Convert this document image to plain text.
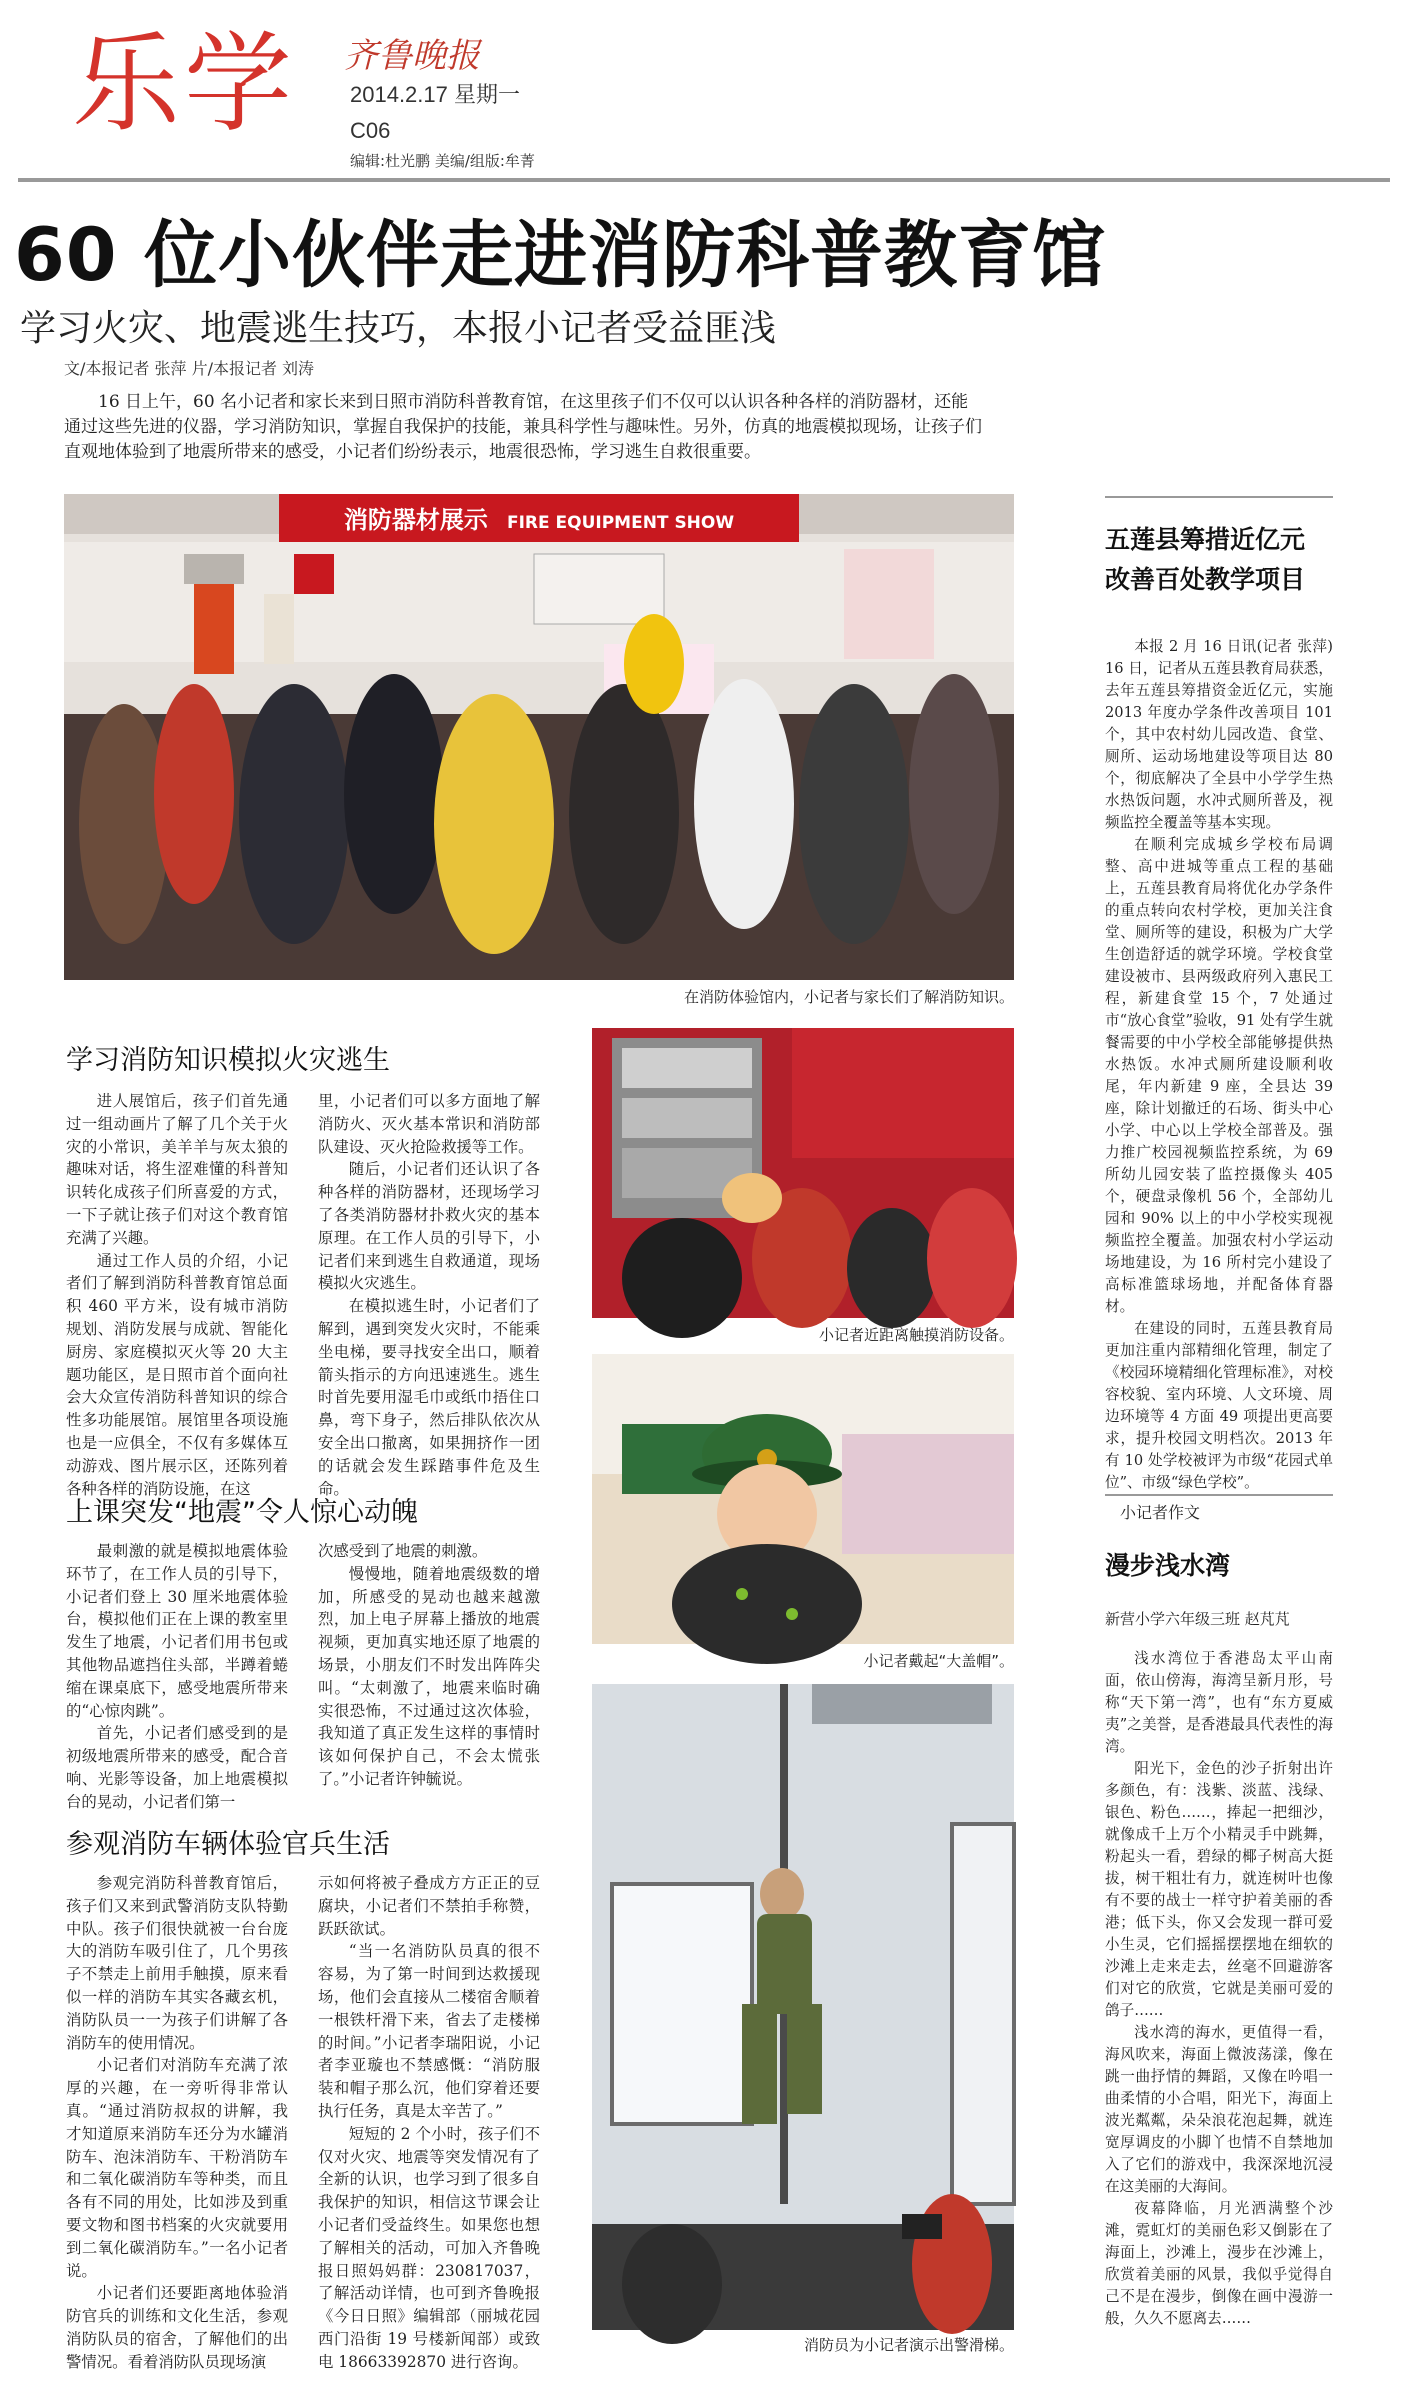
乐学 齐鲁晚报
2014.2.17 星期一
C06
编辑:杜光鹏 美编/组版:牟菁
60 位小伙伴走进消防科普教育馆
学习火灾、地震逃生技巧，本报小记者受益匪浅
文/本报记者 张萍 片/本报记者 刘涛
16 日上午，60 名小记者和家长来到日照市消防科普教育馆，在这里孩子们不仅可以认识各种各样的消防器材，还能通过这些先进的仪器，学习消防知识，掌握自我保护的技能，兼具科学性与趣味性。另外，仿真的地震模拟现场，让孩子们直观地体验到了地震所带来的感受，小记者们纷纷表示，地震很恐怖，学习逃生自救很重要。
消防器材展示 FIRE EQUIPMENT SHOW
在消防体验馆内，小记者与家长们了解消防知识。
学习消防知识模拟火灾逃生

进人展馆后，孩子们首先通过一组动画片了解了几个关于火灾的小常识，美羊羊与灰太狼的趣味对话，将生涩难懂的科普知识转化成孩子们所喜爱的方式，一下子就让孩子们对这个教育馆充满了兴趣。

通过工作人员的介绍，小记者们了解到消防科普教育馆总面积 460 平方米，设有城市消防规划、消防发展与成就、智能化厨房、家庭模拟灭火等 20 大主题功能区，是日照市首个面向社会大众宣传消防科普知识的综合性多功能展馆。展馆里各项设施也是一应俱全，不仅有多媒体互动游戏、图片展示区，还陈列着各种各样的消防设施，在这

里，小记者们可以多方面地了解消防火、灭火基本常识和消防部队建设、灭火抢险救援等工作。

随后，小记者们还认识了各种各样的消防器材，还现场学习了各类消防器材扑救火灾的基本原理。在工作人员的引导下，小记者们来到逃生自救通道，现场模拟火灾逃生。

在模拟逃生时，小记者们了解到，遇到突发火灾时，不能乘坐电梯，要寻找安全出口，顺着箭头指示的方向迅速逃生。逃生时首先要用湿毛巾或纸巾捂住口鼻，弯下身子，然后排队依次从安全出口撤离，如果拥挤作一团的话就会发生踩踏事件危及生命。

小记者近距离触摸消防设备。
小记者戴起“大盖帽”。
上课突发“地震”令人惊心动魄

最刺激的就是模拟地震体验环节了，在工作人员的引导下，小记者们登上 30 厘米地震体验台，模拟他们正在上课的教室里发生了地震，小记者们用书包或其他物品遮挡住头部，半蹲着蜷缩在课桌底下，感受地震所带来的“心惊肉跳”。

首先，小记者们感受到的是初级地震所带来的感受，配合音响、光影等设备，加上地震模拟台的晃动，小记者们第一

次感受到了地震的刺激。

慢慢地，随着地震级数的增加，所感受的晃动也越来越激烈，加上电子屏幕上播放的地震视频，更加真实地还原了地震的场景，小朋友们不时发出阵阵尖叫。“太刺激了，地震来临时确实很恐怖，不过通过这次体验，我知道了真正发生这样的事情时该如何保护自己，不会太慌张了。”小记者许钟毓说。

参观消防车辆体验官兵生活

参观完消防科普教育馆后，孩子们又来到武警消防支队特勤中队。孩子们很快就被一台台庞大的消防车吸引住了，几个男孩子不禁走上前用手触摸，原来看似一样的消防车其实各藏玄机，消防队员一一为孩子们讲解了各消防车的使用情况。

小记者们对消防车充满了浓厚的兴趣，在一旁听得非常认真。“通过消防叔叔的讲解，我才知道原来消防车还分为水罐消防车、泡沫消防车、干粉消防车和二氧化碳消防车等种类，而且各有不同的用处，比如涉及到重要文物和图书档案的火灾就要用到二氧化碳消防车。”一名小记者说。

小记者们还要距离地体验消防官兵的训练和文化生活，参观消防队员的宿舍，了解他们的出警情况。看着消防队员现场演

示如何将被子叠成方方正正的豆腐块，小记者们不禁拍手称赞，跃跃欲试。

“当一名消防队员真的很不容易，为了第一时间到达救援现场，他们会直接从二楼宿舍顺着一根铁杆滑下来，省去了走楼梯的时间。”小记者李瑞阳说，小记者李亚璇也不禁感慨：“消防服装和帽子那么沉，他们穿着还要执行任务，真是太辛苦了。”

短短的 2 个小时，孩子们不仅对火灾、地震等突发情况有了全新的认识，也学习到了很多自我保护的知识，相信这节课会让小记者们受益终生。如果您也想了解相关的活动，可加入齐鲁晚报日照妈妈群：230817037，了解活动详情，也可到齐鲁晚报《今日日照》编辑部（丽城花园西门沿街 19 号楼新闻部）或致电 18663392870 进行咨询。

消防员为小记者演示出警滑梯。
五莲县筹措近亿元
改善百处教学项目

本报 2 月 16 日讯(记者 张萍) 16 日，记者从五莲县教育局获悉，去年五莲县筹措资金近亿元，实施 2013 年度办学条件改善项目 101 个，其中农村幼儿园改造、食堂、厕所、运动场地建设等项目达 80 个，彻底解决了全县中小学学生热水热饭问题，水冲式厕所普及，视频监控全覆盖等基本实现。

在顺利完成城乡学校布局调整、高中进城等重点工程的基础上，五莲县教育局将优化办学条件的重点转向农村学校，更加关注食堂、厕所等的建设，积极为广大学生创造舒适的就学环境。学校食堂建设被市、县两级政府列入惠民工程，新建食堂 15 个，7 处通过市“放心食堂”验收，91 处有学生就餐需要的中小学校全部能够提供热水热饭。水冲式厕所建设顺利收尾，年内新建 9 座，全县达 39 座，除计划撤迁的石场、街头中心小学、中心以上学校全部普及。强力推广校园视频监控系统，为 69 所幼儿园安装了监控摄像头 405 个，硬盘录像机 56 个，全部幼儿园和 90% 以上的中小学校实现视频监控全覆盖。加强农村小学运动场地建设，为 16 所村完小建设了高标准篮球场地，并配备体育器材。

在建设的同时，五莲县教育局更加注重内部精细化管理，制定了《校园环境精细化管理标准》，对校容校貌、室内环境、人文环境、周边环境等 4 方面 49 项提出更高要求，提升校园文明档次。2013 年有 10 处学校被评为市级“花园式单位”、市级“绿色学校”。

小记者作文
漫步浅水湾
新营小学六年级三班 赵芃芃

浅水湾位于香港岛太平山南面，依山傍海，海湾呈新月形，号称“天下第一湾”，也有“东方夏威夷”之美誉，是香港最具代表性的海湾。

阳光下，金色的沙子折射出许多颜色，有：浅紫、淡蓝、浅绿、银色、粉色……，捧起一把细沙，就像成千上万个小精灵手中跳舞，粉起头一看，碧绿的椰子树高大挺拔，树干粗壮有力，就连树叶也像有不要的战士一样守护着美丽的香港；低下头，你又会发现一群可爱小生灵，它们摇摇摆摆地在细软的沙滩上走来走去，丝毫不回避游客们对它的欣赏，它就是美丽可爱的鸽子……

浅水湾的海水，更值得一看，海风吹来，海面上微波荡漾，像在跳一曲抒情的舞蹈，又像在吟唱一曲柔情的小合唱，阳光下，海面上波光粼粼，朵朵浪花泡起舞，就连宽厚调皮的小脚丫也情不自禁地加入了它们的游戏中，我深深地沉浸在这美丽的大海间。

夜幕降临，月光洒满整个沙滩，霓虹灯的美丽色彩又倒影在了海面上，沙滩上，漫步在沙滩上，欣赏着美丽的风景，我似乎觉得自己不是在漫步，倒像在画中漫游一般，久久不愿离去……
